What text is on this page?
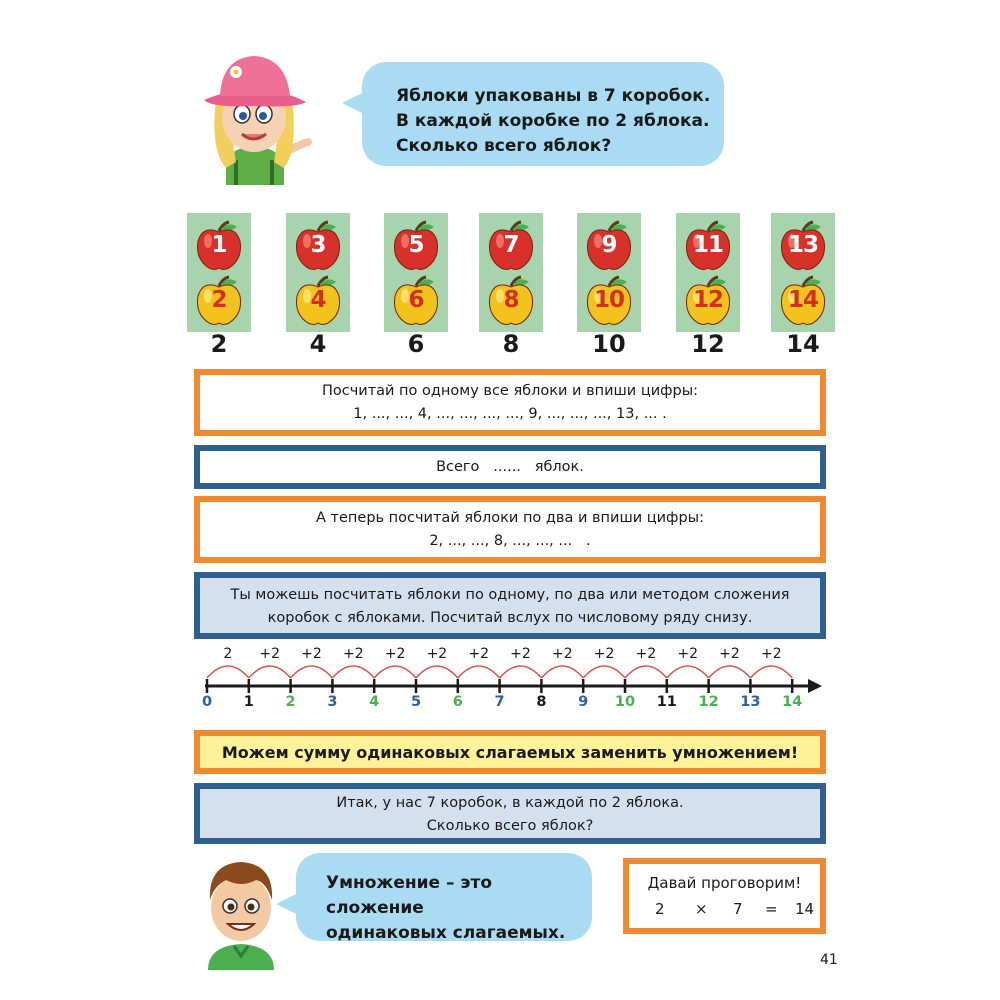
Яблоки упакованы в 7 коробок.
В каждой коробке по 2 яблока.
Сколько всего яблок?
1
2
2
3
4
4
5
6
6
7
8
8
9
10
10
11
12
12
13
14
14
Посчитай по одному все яблоки и впиши цифры:
1, ..., ..., 4, ..., ..., ..., ..., 9, ..., ..., ..., 13, ... .
Всего   ......   яблок.
А теперь посчитай яблоки по два и впиши цифры:
2, ..., ..., 8, ..., ..., ...   .
Ты можешь посчитать яблоки по одному, по два или методом сложения
коробок с яблоками. Посчитай вслух по числовому ряду снизу.
0	1	2	3	4	5	6	7	8	9	10	11	12	13	14
2	+2	+2	+2	+2	+2	+2	+2	+2	+2	+2	+2	+2	+2
Можем сумму одинаковых слагаемых заменить умножением!
Итак, у нас 7 коробок, в каждой по 2 яблока.
Сколько всего яблок?
Умножение – это сложение
одинаковых слагаемых.
Давай проговорим!
2 × 7 = 14
41
